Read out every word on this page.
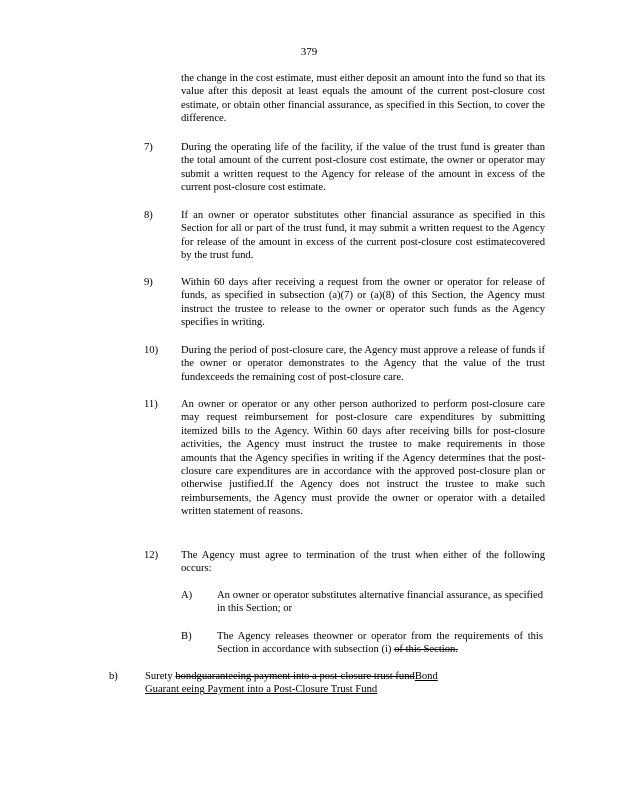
379
the change in the cost estimate, must either deposit an amount into the fund so that its value after this deposit at least equals the amount of the current post-closure cost estimate, or obtain other financial assurance, as specified in this Section, to cover the difference.
7)	During the operating life of the facility, if the value of the trust fund is greater than the total amount of the current post-closure cost estimate, the owner or operator may submit a written request to the Agency for release of the amount in excess of the current post-closure cost estimate.
8)	If an owner or operator substitutes other financial assurance as specified in this Section for all or part of the trust fund, it may submit a written request to the Agency for release of the amount in excess of the current post-closure cost estimatecovered by the trust fund.
9)	Within 60 days after receiving a request from the owner or operator for release of funds, as specified in subsection (a)(7) or (a)(8) of this Section, the Agency must instruct the trustee to release to the owner or operator such funds as the Agency specifies in writing.
10) During the period of post-closure care, the Agency must approve a release of funds if the owner or operator demonstrates to the Agency that the value of the trust fundexceeds the remaining cost of post-closure care.
11) An owner or operator or any other person authorized to perform post-closure care may request reimbursement for post-closure care expenditures by submitting itemized bills to the Agency. Within 60 days after receiving bills for post-closure activities, the Agency must instruct the trustee to make requirements in those amounts that the Agency specifies in writing if the Agency determines that the post-closure care expenditures are in accordance with the approved post-closure plan or otherwise justified.If the Agency does not instruct the trustee to make such reimbursements, the Agency must provide the owner or operator with a detailed written statement of reasons.
12) The Agency must agree to termination of the trust when either of the following occurs:
A) An owner or operator substitutes alternative financial assurance, as specified in this Section; or
B) The Agency releases theowner or operator from the requirements of this Section in accordance with subsection (i) of this Section.
b)	Surety bondguaranteeing payment into a post-closure trust fundBond
Guarant eeing Payment into a Post-Closure Trust Fund
